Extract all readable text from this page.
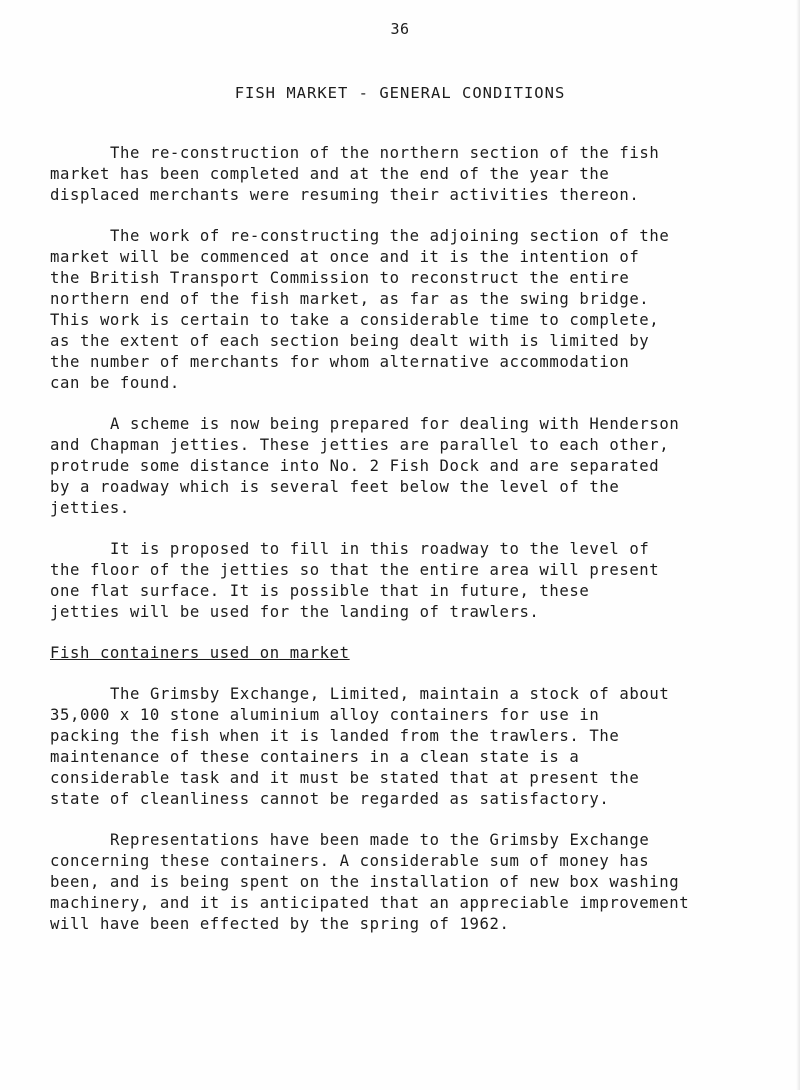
36
FISH MARKET - GENERAL CONDITIONS
The re-construction of the northern section of the fish
market has been completed and at the end of the year the
displaced merchants were resuming their activities thereon.
The work of re-constructing the adjoining section of the
market will be commenced at once and it is the intention of
the British Transport Commission to reconstruct the entire
northern end of the fish market, as far as the swing bridge.
This work is certain to take a considerable time to complete,
as the extent of each section being dealt with is limited by
the number of merchants for whom alternative accommodation
can be found.
A scheme is now being prepared for dealing with Henderson
and Chapman jetties. These jetties are parallel to each other,
protrude some distance into No. 2 Fish Dock and are separated
by a roadway which is several feet below the level of the
jetties.
It is proposed to fill in this roadway to the level of
the floor of the jetties so that the entire area will present
one flat surface. It is possible that in future, these
jetties will be used for the landing of trawlers.
Fish containers used on market
The Grimsby Exchange, Limited, maintain a stock of about
35,000 x 10 stone aluminium alloy containers for use in
packing the fish when it is landed from the trawlers. The
maintenance of these containers in a clean state is a
considerable task and it must be stated that at present the
state of cleanliness cannot be regarded as satisfactory.
Representations have been made to the Grimsby Exchange
concerning these containers. A considerable sum of money has
been, and is being spent on the installation of new box washing
machinery, and it is anticipated that an appreciable improvement
will have been effected by the spring of 1962.
